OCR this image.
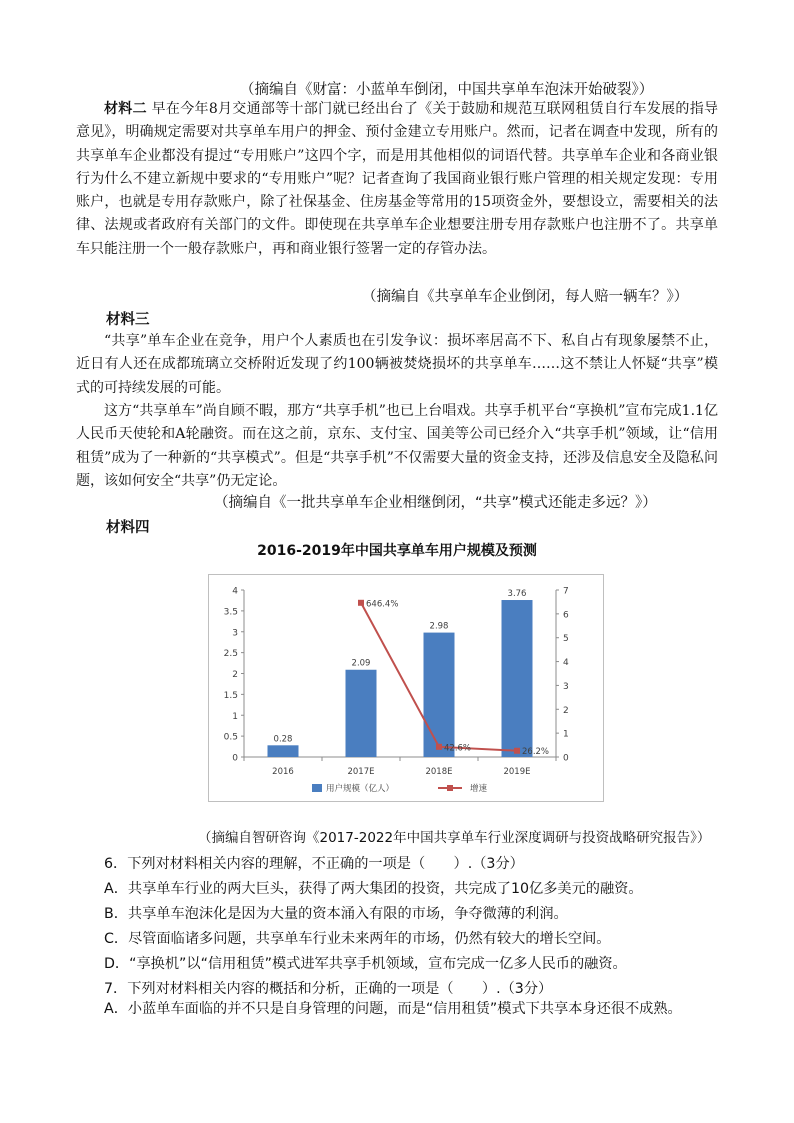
（摘编自《财富：小蓝单车倒闭，中国共享单车泡沫开始破裂》）
材料二 早在今年8月交通部等十部门就已经出台了《关于鼓励和规范互联网租赁自行车发展的指导意见》，明确规定需要对共享单车用户的押金、预付金建立专用账户。然而，记者在调查中发现，所有的共享单车企业都没有提过“专用账户”这四个字，而是用其他相似的词语代替。共享单车企业和各商业银行为什么不建立新规中要求的“专用账户”呢？记者查询了我国商业银行账户管理的相关规定发现：专用账户，也就是专用存款账户，除了社保基金、住房基金等常用的15项资金外，要想设立，需要相关的法律、法规或者政府有关部门的文件。即使现在共享单车企业想要注册专用存款账户也注册不了。共享单车只能注册一个一般存款账户，再和商业银行签署一定的存管办法。
（摘编自《共享单车企业倒闭，每人赔一辆车？》）
材料三
“共享”单车企业在竞争，用户个人素质也在引发争议：损坏率居高不下、私自占有现象屡禁不止，近日有人还在成都琉璃立交桥附近发现了约100辆被焚烧损坏的共享单车……这不禁让人怀疑“共享”模式的可持续发展的可能。
这方“共享单车”尚自顾不暇，那方“共享手机”也已上台唱戏。共享手机平台“享换机”宣布完成1.1亿人民币天使轮和A轮融资。而在这之前，京东、支付宝、国美等公司已经介入“共享手机”领域，让“信用租赁”成为了一种新的“共享模式”。但是“共享手机”不仅需要大量的资金支持，还涉及信息安全及隐私问题，该如何安全“共享”仍无定论。
（摘编自《一批共享单车企业相继倒闭，“共享”模式还能走多远？》）
材料四
2016-2019年中国共享单车用户规模及预测
0
0.5
1
1.5
2
2.5
3
3.5
4
0
1
2
3
4
5
6
7
2016	2017E	2018E	2019E
0.28
2.09
2.98
3.76
646.4%
42.6%	26.2%
用户规模（亿人）	增速
（摘编自智研咨询《2017-2022年中国共享单车行业深度调研与投资战略研究报告》）
6．下列对材料相关内容的理解，不正确的一项是（　　）.（3分）
A．共享单车行业的两大巨头，获得了两大集团的投资，共完成了10亿多美元的融资。
B．共享单车泡沫化是因为大量的资本涌入有限的市场，争夺微薄的利润。
C．尽管面临诸多问题，共享单车行业未来两年的市场，仍然有较大的增长空间。
D．“享换机”以“信用租赁”模式进军共享手机领域，宣布完成一亿多人民币的融资。
7．下列对材料相关内容的概括和分析，正确的一项是（　　）.（3分）
A．小蓝单车面临的并不只是自身管理的问题，而是“信用租赁”模式下共享本身还很不成熟。
